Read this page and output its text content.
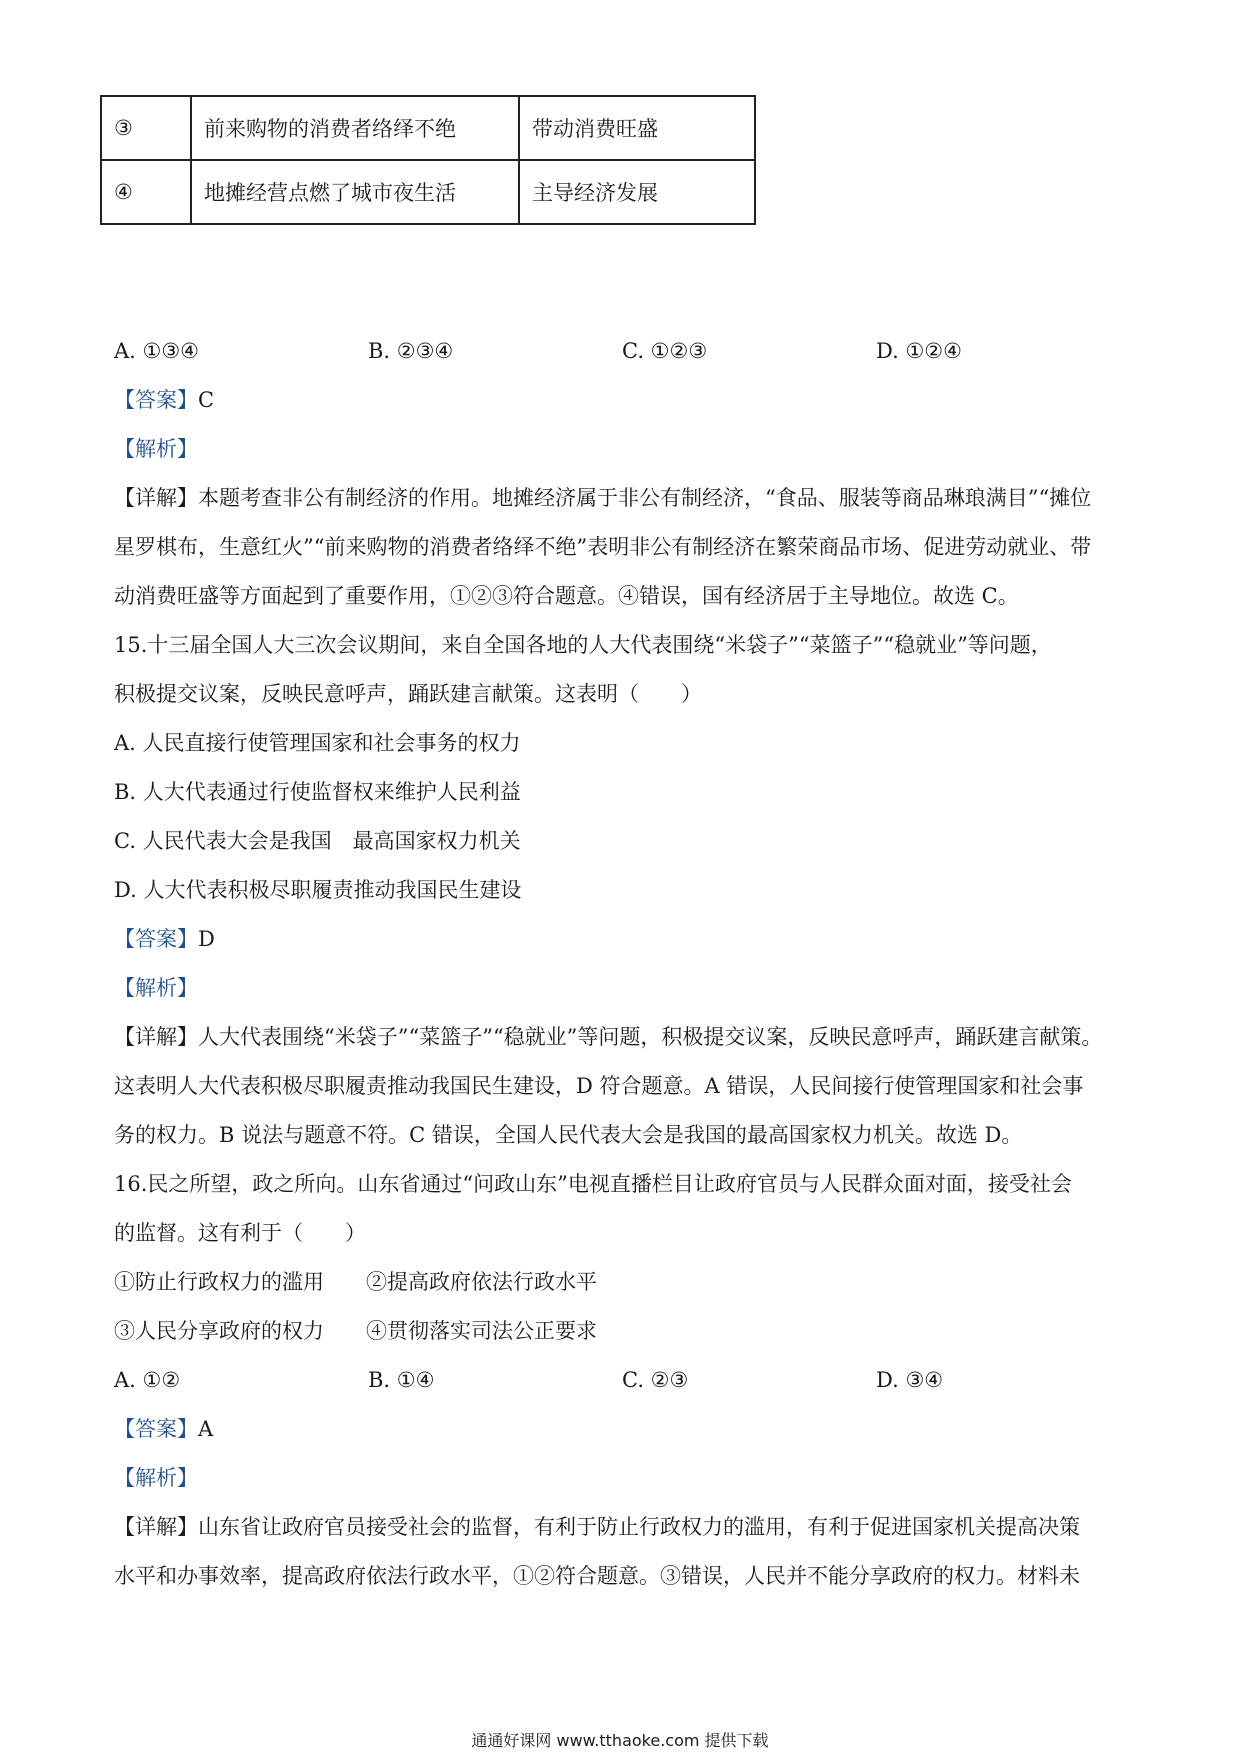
③	前来购物的消费者络绎不绝	带动消费旺盛
④	地摊经营点燃了城市夜生活	主导经济发展
A. ①③④	B. ②③④	C. ①②③	D. ①②④
【答案】C
【解析】
【详解】本题考查非公有制经济的作用。地摊经济属于非公有制经济，“食品、服装等商品琳琅满目”“摊位
星罗棋布，生意红火”“前来购物的消费者络绎不绝”表明非公有制经济在繁荣商品市场、促进劳动就业、带
动消费旺盛等方面起到了重要作用，①②③符合题意。④错误，国有经济居于主导地位。故选 C。
15.十三届全国人大三次会议期间，来自全国各地的人大代表围绕“米袋子”“菜篮子”“稳就业”等问题，
积极提交议案，反映民意呼声，踊跃建言献策。这表明（　　）
A. 人民直接行使管理国家和社会事务的权力
B. 人大代表通过行使监督权来维护人民利益
C. 人民代表大会是我国　最高国家权力机关
D. 人大代表积极尽职履责推动我国民生建设
【答案】D
【解析】
【详解】人大代表围绕“米袋子”“菜篮子”“稳就业”等问题，积极提交议案，反映民意呼声，踊跃建言献策。
这表明人大代表积极尽职履责推动我国民生建设，D 符合题意。A 错误，人民间接行使管理国家和社会事
务的权力。B 说法与题意不符。C 错误，全国人民代表大会是我国的最高国家权力机关。故选 D。
16.民之所望，政之所向。山东省通过“问政山东”电视直播栏目让政府官员与人民群众面对面，接受社会
的监督。这有利于（　　）
①防止行政权力的滥用　　②提高政府依法行政水平
③人民分享政府的权力　　④贯彻落实司法公正要求
A. ①②	B. ①④	C. ②③	D. ③④
【答案】A
【解析】
【详解】山东省让政府官员接受社会的监督，有利于防止行政权力的滥用，有利于促进国家机关提高决策
水平和办事效率，提高政府依法行政水平，①②符合题意。③错误，人民并不能分享政府的权力。材料未
通通好课网 www.tthaoke.com 提供下载
